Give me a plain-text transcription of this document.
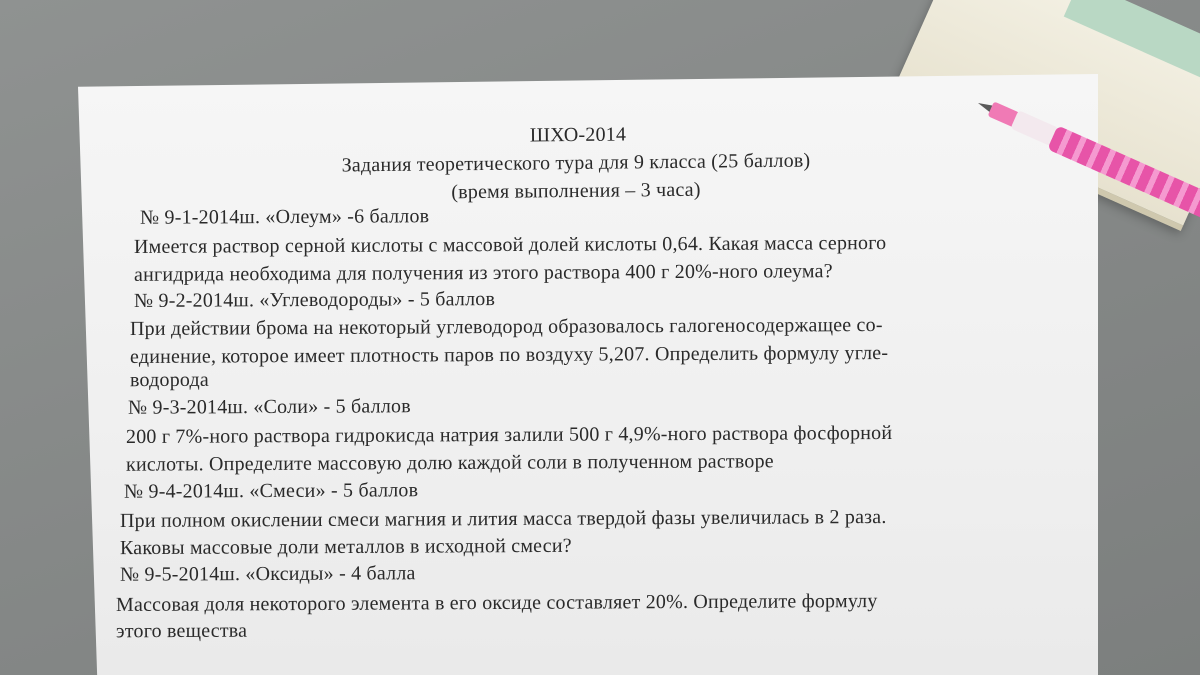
ШХО-2014
Задания теоретического тура для 9 класса (25 баллов)
(время выполнения – 3 часа)
№ 9-1-2014ш. «Олеум» -6 баллов
Имеется раствор серной кислоты с массовой долей кислоты 0,64. Какая масса серного
ангидрида необходима для получения из этого раствора 400 г 20%-ного олеума?
№ 9-2-2014ш. «Углеводороды» - 5 баллов
При действии брома на некоторый углеводород образовалось галогеносодержащее со-
единение, которое имеет плотность паров по воздуху 5,207. Определить формулу угле-
водорода
№ 9-3-2014ш. «Соли» - 5 баллов
200 г 7%-ного раствора гидрокисда натрия залили 500 г 4,9%-ного раствора фосфорной
кислоты. Определите массовую долю каждой соли в полученном растворе
№ 9-4-2014ш. «Смеси» - 5 баллов
При полном окислении смеси магния и лития масса твердой фазы увеличилась в 2 раза.
Каковы массовые доли металлов в исходной смеси?
№ 9-5-2014ш. «Оксиды» - 4 балла
Массовая доля некоторого элемента в его оксиде составляет 20%. Определите формулу
этого вещества
